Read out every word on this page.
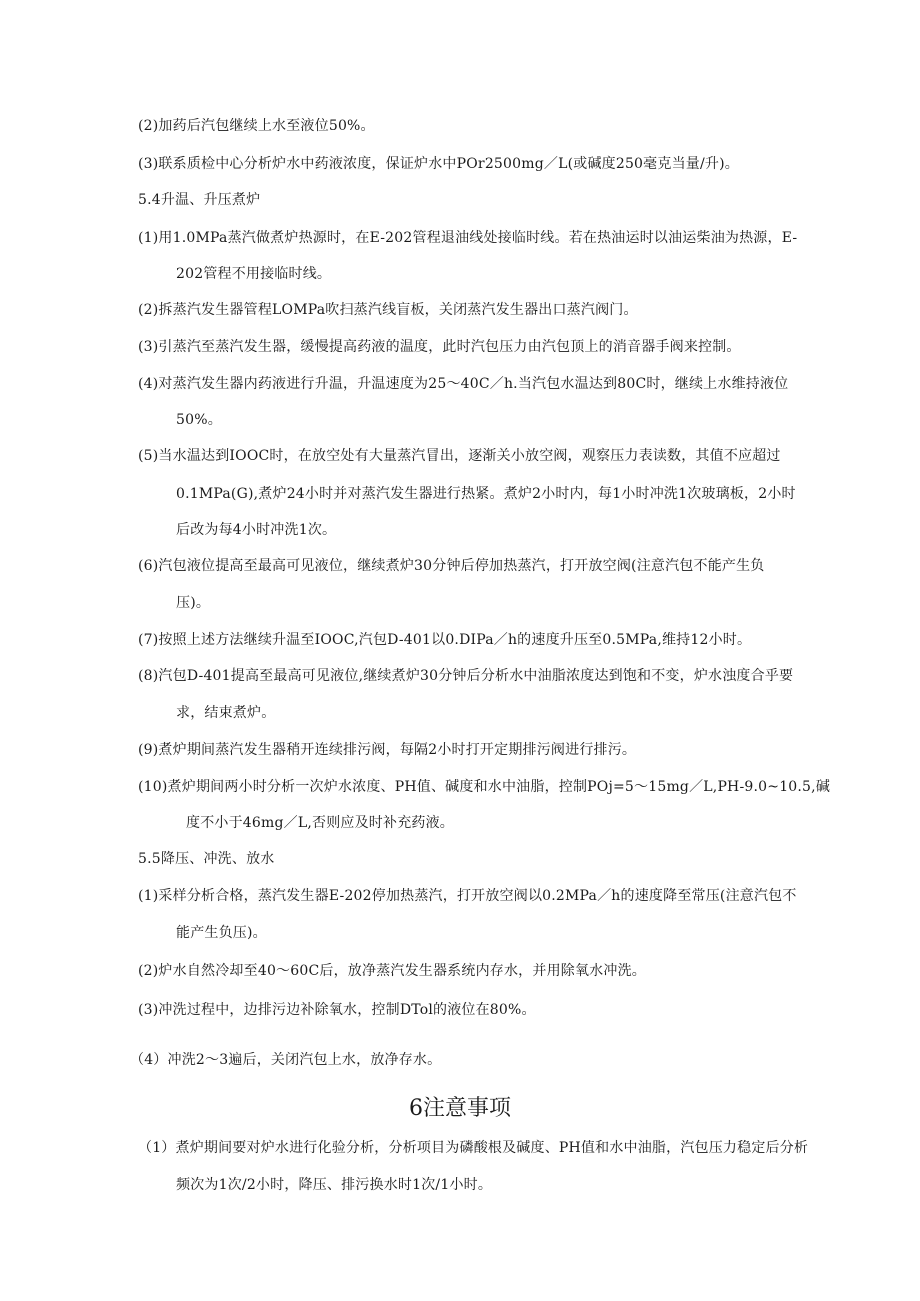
(2)加药后汽包继续上水至液位50%。
(3)联系质检中心分析炉水中药液浓度，保证炉水中POr2500mg／L(或碱度250毫克当量/升)。
5.4升温、升压煮炉
(1)用1.0MPa蒸汽做煮炉热源时，在E-202管程退油线处接临时线。若在热油运时以油运柴油为热源，E-
202管程不用接临时线。
(2)拆蒸汽发生器管程LOMPa吹扫蒸汽线盲板，关闭蒸汽发生器出口蒸汽阀门。
(3)引蒸汽至蒸汽发生器，缓慢提高药液的温度，此时汽包压力由汽包顶上的消音器手阀来控制。
(4)对蒸汽发生器内药液进行升温，升温速度为25～40C／h.当汽包水温达到80C时，继续上水维持液位
50%。
(5)当水温达到IOOC时，在放空处有大量蒸汽冒出，逐渐关小放空阀，观察压力表读数，其值不应超过
0.1MPa(G),煮炉24小时并对蒸汽发生器进行热紧。煮炉2小时内，每1小时冲洗1次玻璃板，2小时
后改为每4小时冲洗1次。
(6)汽包液位提高至最高可见液位，继续煮炉30分钟后停加热蒸汽，打开放空阀(注意汽包不能产生负
压)。
(7)按照上述方法继续升温至IOOC,汽包D-401以0.DIPa／h的速度升压至0.5MPa,维持12小时。
(8)汽包D-401提高至最高可见液位,继续煮炉30分钟后分析水中油脂浓度达到饱和不变，炉水浊度合乎要
求，结束煮炉。
(9)煮炉期间蒸汽发生器稍开连续排污阀，每隔2小时打开定期排污阀进行排污。
(10)煮炉期间两小时分析一次炉水浓度、PH值、碱度和水中油脂，控制POj=5～15mg／L,PH-9.0~10.5,碱
度不小于46mg／L,否则应及时补充药液。
5.5降压、冲洗、放水
(1)采样分析合格，蒸汽发生器E-202停加热蒸汽，打开放空阀以0.2MPa／h的速度降至常压(注意汽包不
能产生负压)。
(2)炉水自然冷却至40～60C后，放净蒸汽发生器系统内存水，并用除氧水冲洗。
(3)冲洗过程中，边排污边补除氧水，控制DTol的液位在80%。
（4）冲洗2～3遍后，关闭汽包上水，放净存水。
6注意事项
（1）煮炉期间要对炉水进行化验分析，分析项目为磷酸根及碱度、PH值和水中油脂，汽包压力稳定后分析
频次为1次/2小时，降压、排污换水时1次/1小时。
